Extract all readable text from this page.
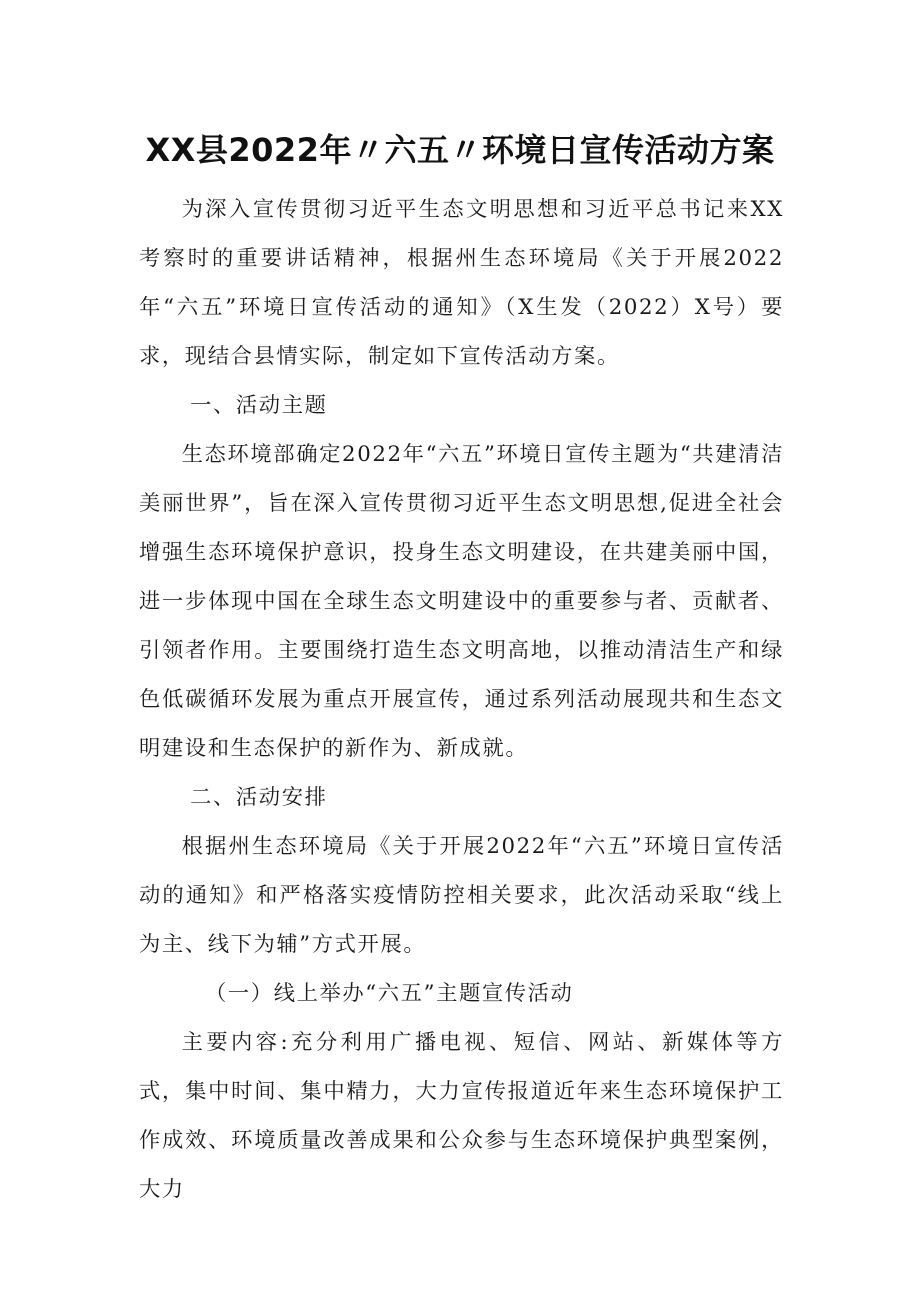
XX县2022年〃六五〃环境日宣传活动方案

为深入宣传贯彻习近平生态文明思想和习近平总书记来XX考察时的重要讲话精神，根据州生态环境局《关于开展2022年“六五”环境日宣传活动的通知》（X生发（2022）X号）要求，现结合县情实际，制定如下宣传活动方案。

一、活动主题

生态环境部确定2022年“六五”环境日宣传主题为“共建清洁美丽世界”，旨在深入宣传贯彻习近平生态文明思想,促进全社会增强生态环境保护意识，投身生态文明建设，在共建美丽中国，进一步体现中国在全球生态文明建设中的重要参与者、贡献者、引领者作用。主要围绕打造生态文明高地，以推动清洁生产和绿色低碳循环发展为重点开展宣传，通过系列活动展现共和生态文明建设和生态保护的新作为、新成就。

二、活动安排

根据州生态环境局《关于开展2022年“六五”环境日宣传活动的通知》和严格落实疫情防控相关要求，此次活动采取“线上为主、线下为辅”方式开展。

（一）线上举办“六五”主题宣传活动

主要内容:充分利用广播电视、短信、网站、新媒体等方式，集中时间、集中精力，大力宣传报道近年来生态环境保护工作成效、环境质量改善成果和公众参与生态环境保护典型案例，大力
